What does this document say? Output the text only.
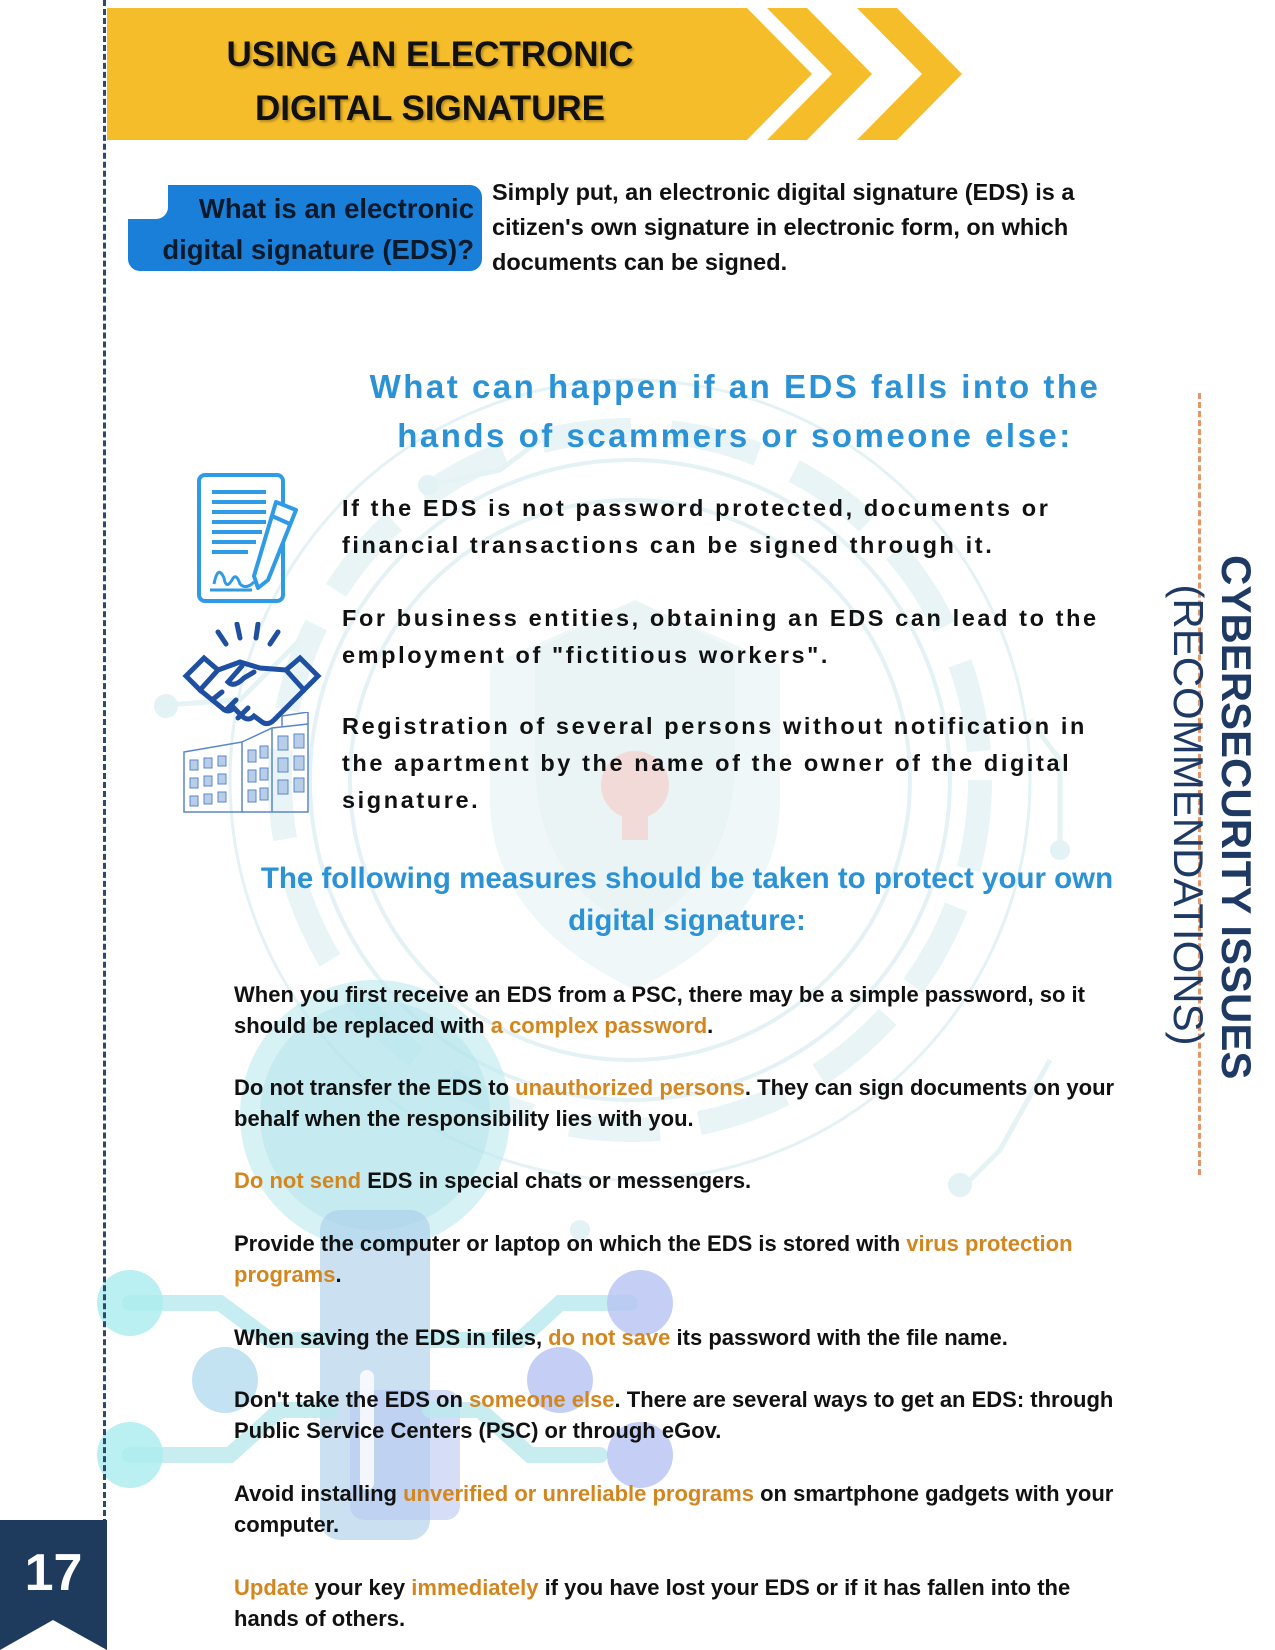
USING AN ELECTRONIC
DIGITAL SIGNATURE
What is an electronic
digital signature (EDS)?
Simply put, an electronic digital signature (EDS) is a
citizen's own signature in electronic form, on which
documents can be signed.
What can happen if an EDS falls into the
hands of scammers or someone else:
If the EDS is not password protected, documents or
financial transactions can be signed through it.
For business entities, obtaining an EDS can lead to the
employment of "fictitious workers".
Registration of several persons without notification in
the apartment by the name of the owner of the digital
signature.
The following measures should be taken to protect your own
digital signature:
When you first receive an EDS from a PSC, there may be a simple password, so it should be replaced with a complex password.
Do not transfer the EDS to unauthorized persons. They can sign documents on your behalf when the responsibility lies with you.
Do not send EDS in special chats or messengers.
Provide the computer or laptop on which the EDS is stored with virus protection programs.
When saving the EDS in files, do not save its password with the file name.
Don't take the EDS on someone else. There are several ways to get an EDS: through Public Service Centers (PSC) or through eGov.
Avoid installing unverified or unreliable programs on smartphone gadgets with your computer.
Update your key immediately if you have lost your EDS or if it has fallen into the hands of others.
CYBERSECURITY ISSUES
(RECOMMENDATIONS)
17
